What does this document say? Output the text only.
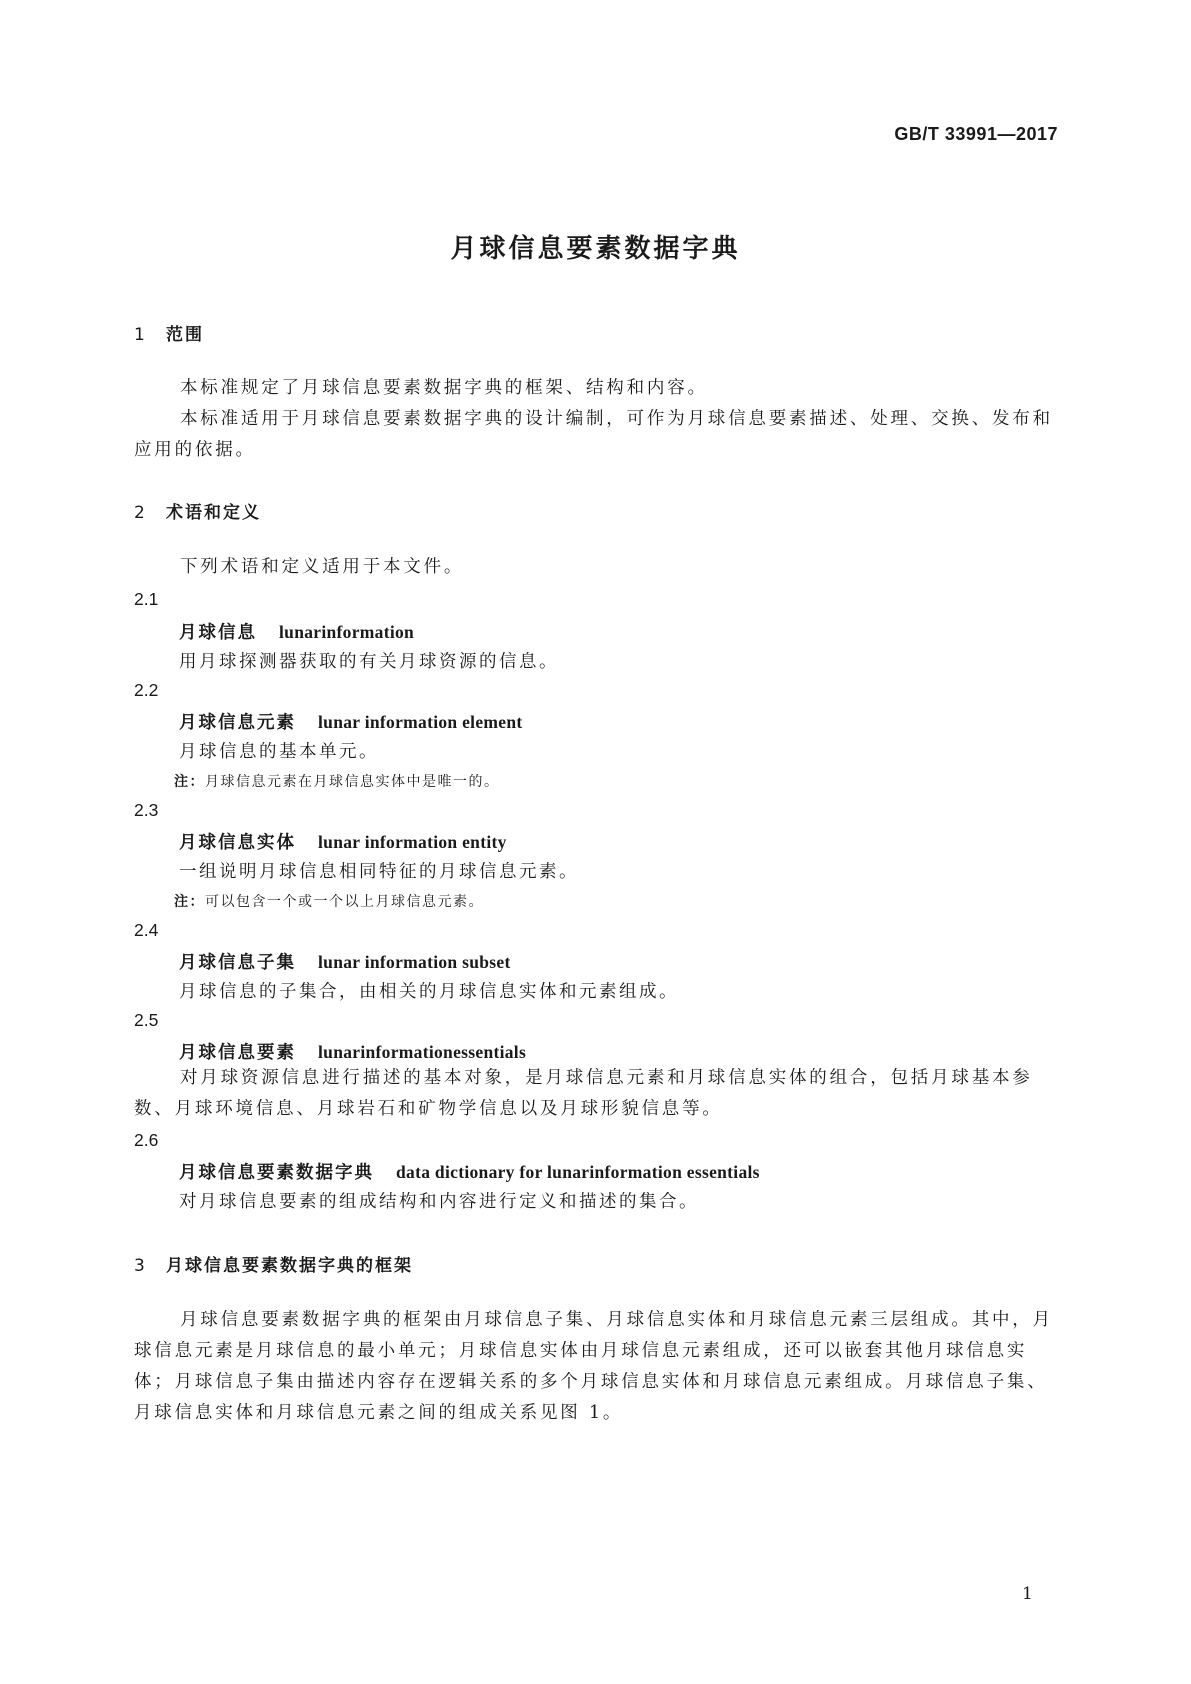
GB/T 33991—2017
月球信息要素数据字典
1 范围

本标准规定了月球信息要素数据字典的框架、结构和内容。

本标准适用于月球信息要素数据字典的设计编制，可作为月球信息要素描述、处理、交换、发布和应用的依据。

2 术语和定义

下列术语和定义适用于本文件。

2.1
月球信息 lunarinformation
用月球探测器获取的有关月球资源的信息。
2.2
月球信息元素 lunar information element
月球信息的基本单元。
注：月球信息元素在月球信息实体中是唯一的。
2.3
月球信息实体 lunar information entity
一组说明月球信息相同特征的月球信息元素。
注：可以包含一个或一个以上月球信息元素。
2.4
月球信息子集 lunar information subset
月球信息的子集合，由相关的月球信息实体和元素组成。
2.5
月球信息要素 lunarinformationessentials

对月球资源信息进行描述的基本对象，是月球信息元素和月球信息实体的组合，包括月球基本参数、月球环境信息、月球岩石和矿物学信息以及月球形貌信息等。

2.6
月球信息要素数据字典 data dictionary for lunarinformation essentials
对月球信息要素的组成结构和内容进行定义和描述的集合。
3 月球信息要素数据字典的框架

月球信息要素数据字典的框架由月球信息子集、月球信息实体和月球信息元素三层组成。其中，月球信息元素是月球信息的最小单元；月球信息实体由月球信息元素组成，还可以嵌套其他月球信息实体；月球信息子集由描述内容存在逻辑关系的多个月球信息实体和月球信息元素组成。月球信息子集、月球信息实体和月球信息元素之间的组成关系见图 1。

1
